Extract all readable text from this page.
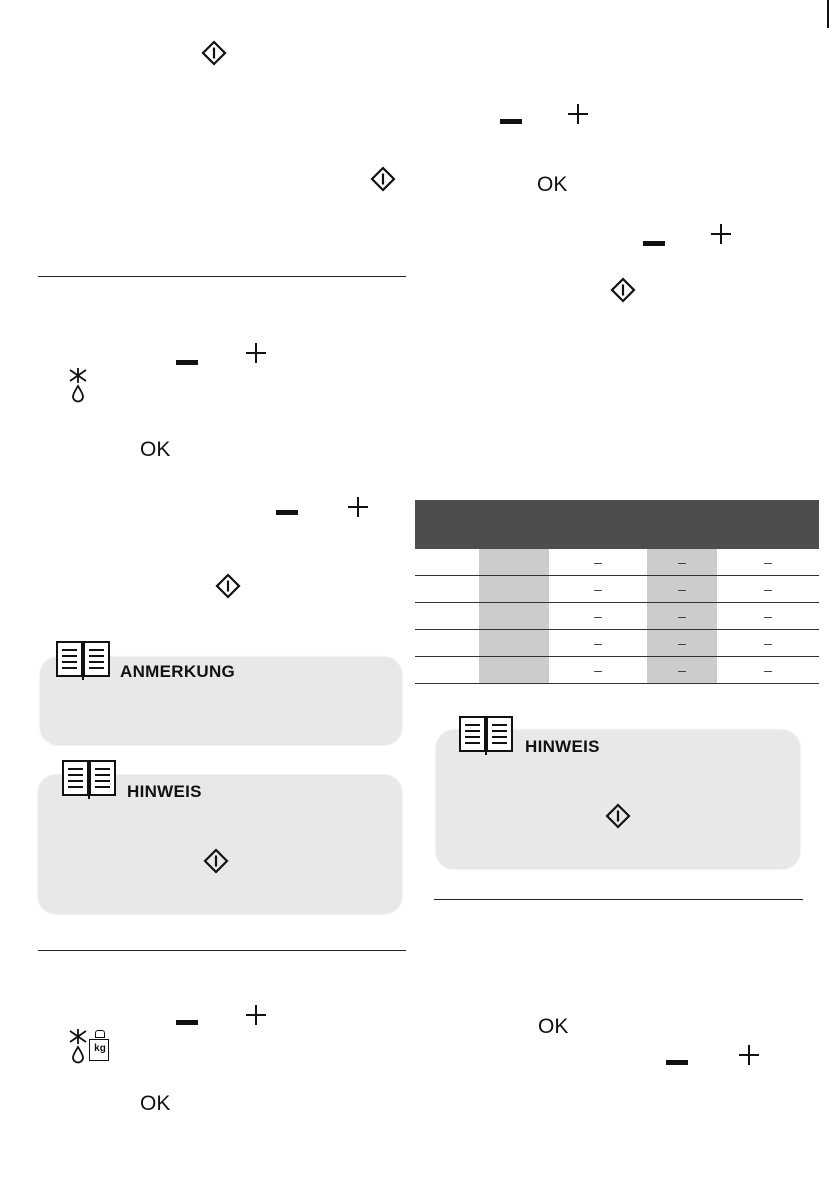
OK
ANMERKUNG
HINWEIS
kg
OK
OK

		–	–	–
		–	–	–
		–	–	–
		–	–	–
		–	–	–
HINWEIS
OK
